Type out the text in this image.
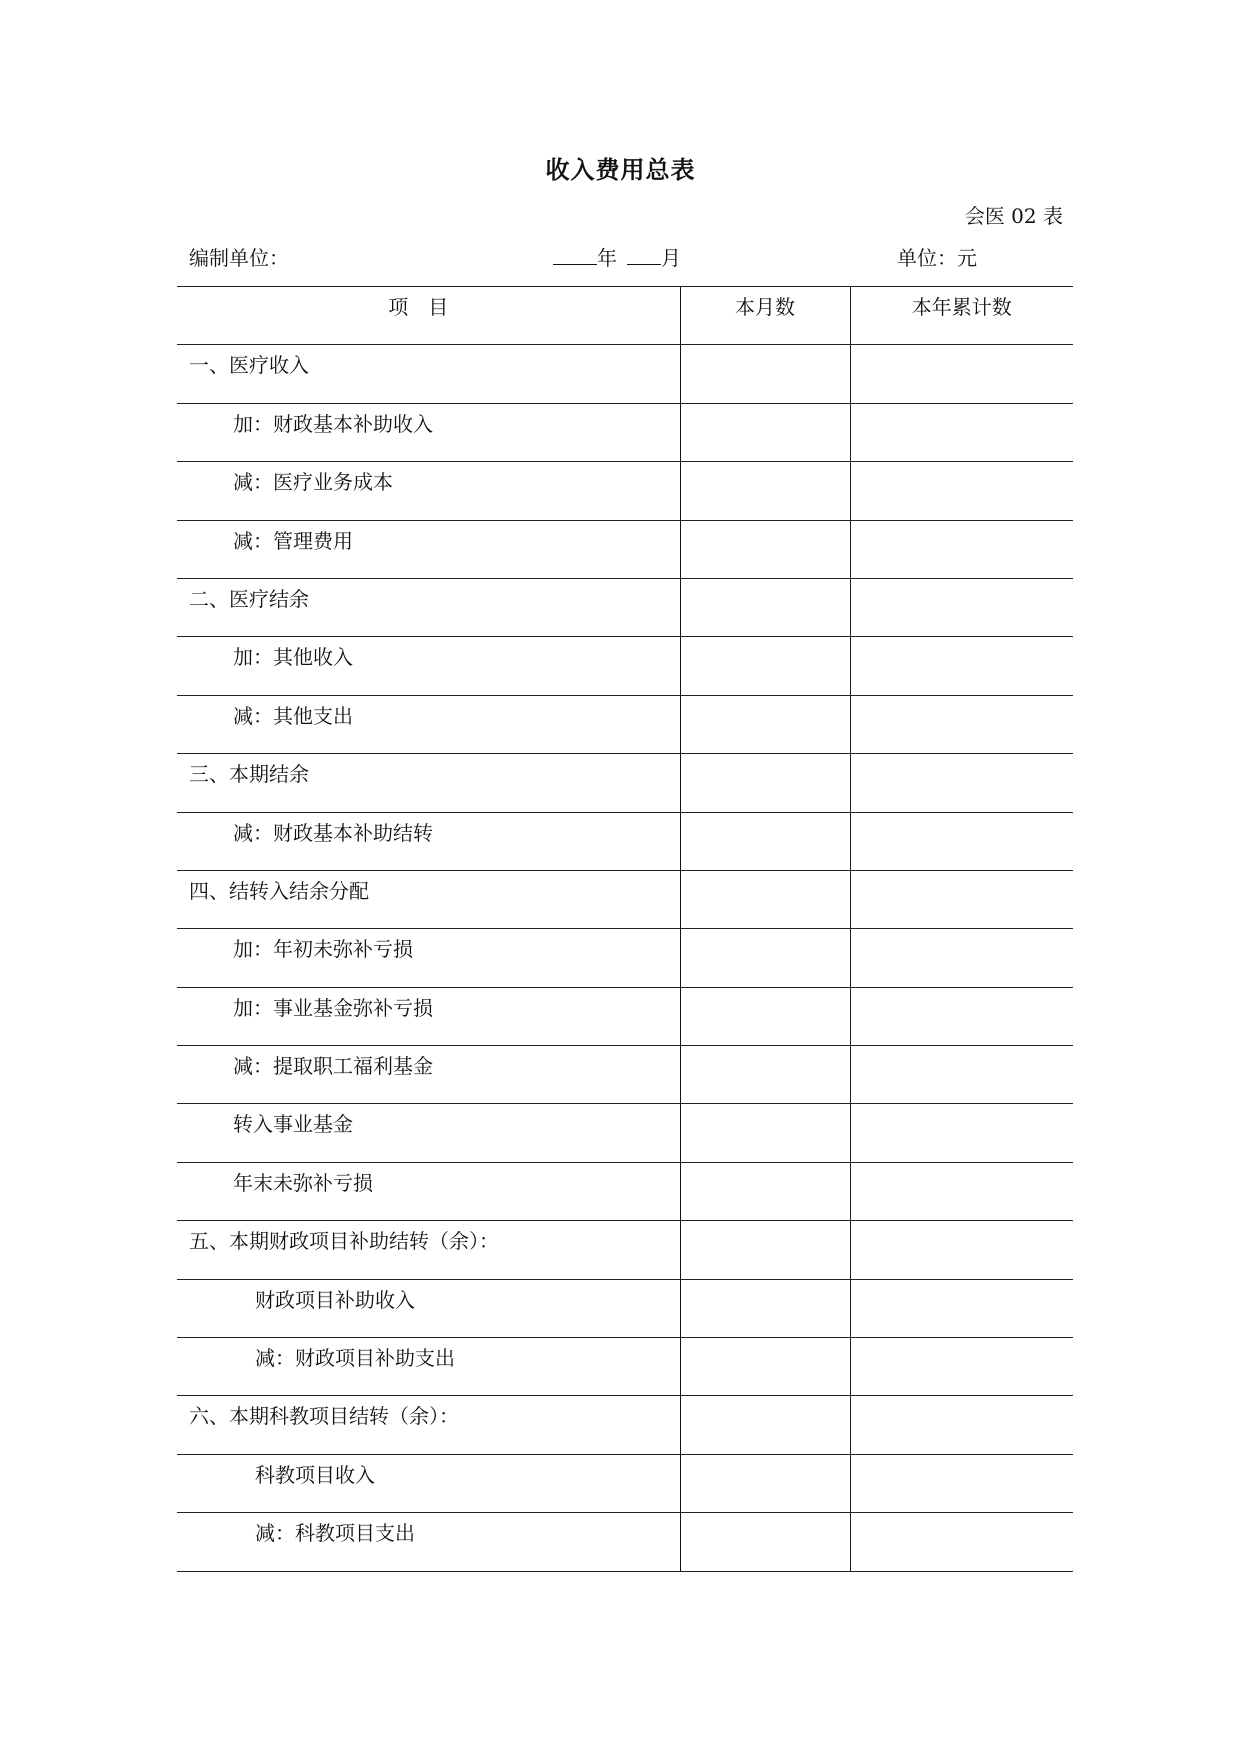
收入费用总表
会医 02 表
编制单位：	年 月	单位：元
项目	本月数	本年累计数
一、医疗收入		
加：财政基本补助收入		
减：医疗业务成本		
减：管理费用		
二、医疗结余		
加：其他收入		
减：其他支出		
三、本期结余		
减：财政基本补助结转		
四、结转入结余分配		
加：年初未弥补亏损		
加：事业基金弥补亏损		
减：提取职工福利基金		
转入事业基金		
年末未弥补亏损		
五、本期财政项目补助结转（余）：		
财政项目补助收入		
减：财政项目补助支出		
六、本期科教项目结转（余）：		
科教项目收入		
减：科教项目支出		
